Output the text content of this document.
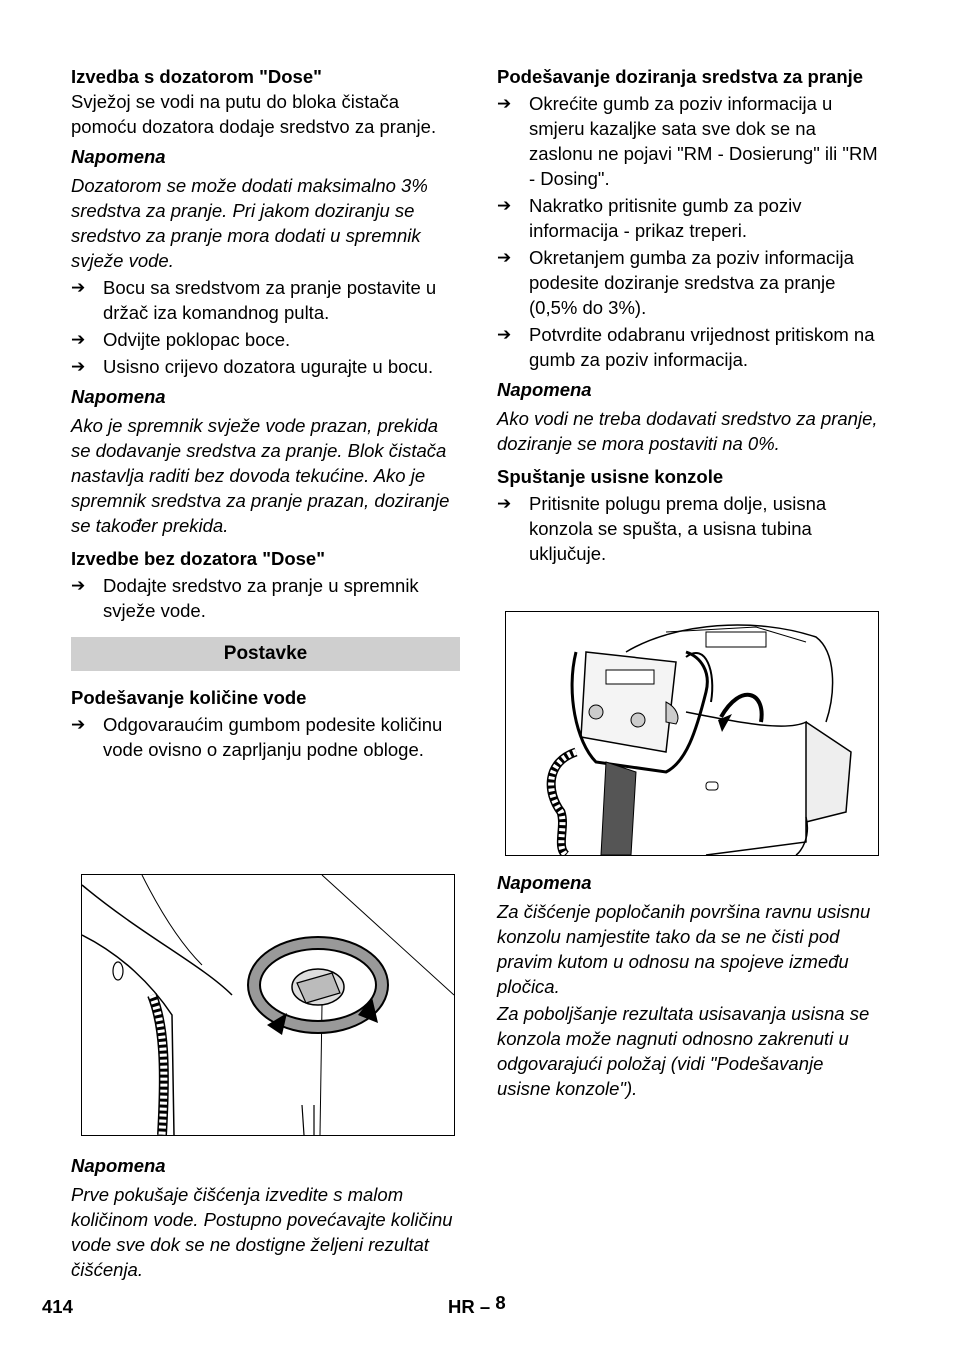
Izvedba s dozatorom "Dose"

Svježoj se vodi na putu do bloka čistača pomoću dozatora dodaje sredstvo za pranje.

Napomena

Dozatorom se može dodati maksimalno 3% sredstva za pranje. Pri jakom doziranju se sredstvo za pranje mora dodati u spremnik svježe vode.

➔ Bocu sa sredstvom za pranje postavite u držač iza komandnog pulta.
➔ Odvijte poklopac boce.
➔ Usisno crijevo dozatora ugurajte u bocu.

Napomena

Ako je spremnik svježe vode prazan, prekida se dodavanje sredstva za pranje. Blok čistača nastavlja raditi bez dovoda tekućine. Ako je spremnik sredstva za pranje prazan, doziranje se također prekida.

Izvedbe bez dozatora "Dose"

➔ Dodajte sredstvo za pranje u spremnik svježe vode.
Postavke

Podešavanje količine vode

➔ Odgovaraućim gumbom podesite količinu vode ovisno o zaprljanju podne obloge.

Napomena

Prve pokušaje čišćenja izvedite s malom količinom vode. Postupno povećavajte količinu vode sve dok se ne dostigne željeni rezultat čišćenja.

Podešavanje doziranja sredstva za pranje

➔ Okrećite gumb za poziv informacija u smjeru kazaljke sata sve dok se na zaslonu ne pojavi "RM - Dosierung" ili "RM - Dosing".
➔ Nakratko pritisnite gumb za poziv informacija - prikaz treperi.
➔ Okretanjem gumba za poziv informacija podesite doziranje sredstva za pranje (0,5% do 3%).
➔ Potvrdite odabranu vrijednost pritiskom na gumb za poziv informacija.

Napomena

Ako vodi ne treba dodavati sredstvo za pranje, doziranje se mora postaviti na 0%.

Spuštanje usisne konzole

➔ Pritisnite polugu prema dolje, usisna konzola se spušta, a usisna tubina uključuje.

Napomena

Za čišćenje popločanih površina ravnu usisnu konzolu namjestite tako da se ne čisti pod pravim kutom u odnosu na spojeve između pločica.

Za poboljšanje rezultata usisavanja usisna se konzola može nagnuti odnosno zakrenuti u odgovarajući položaj (vidi "Podešavanje usisne konzole").

414	HR – 8
